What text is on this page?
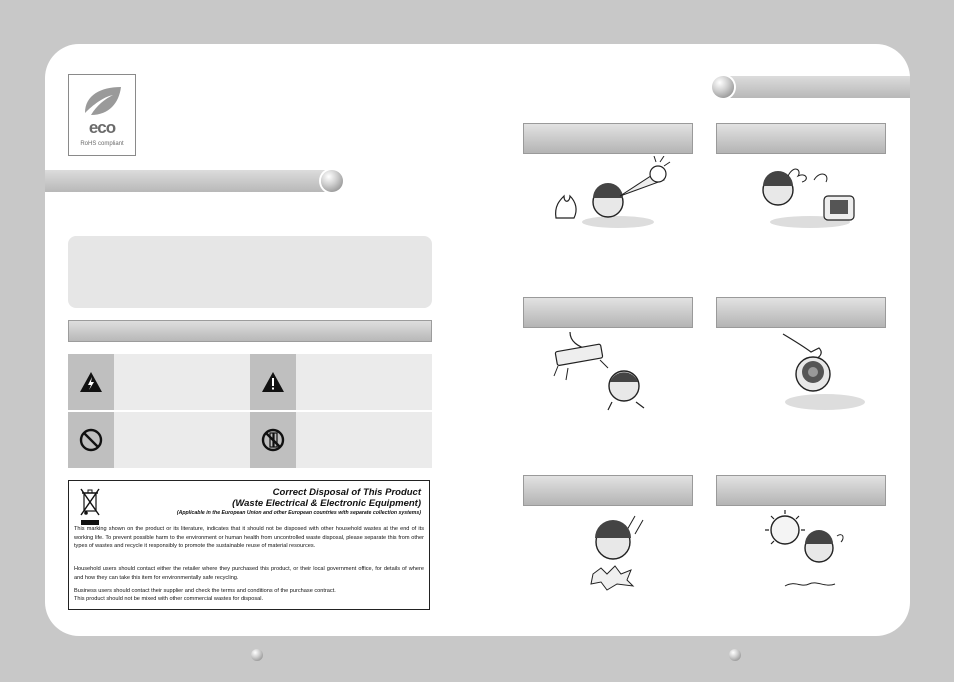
eco
RoHS compliant
Correct Disposal of This Product
(Waste Electrical & Electronic Equipment)
(Applicable in the European Union and other European countries with separate collection systems)
This marking shown on the product or its literature, indicates that it should not be disposed with other household wastes at the end of its working life. To prevent possible harm to the environment or human health from uncontrolled waste disposal, please separate this from other types of wastes and recycle it responsibly to promote the sustainable reuse of material resources.
Household users should contact either the retailer where they purchased this product, or their local government office, for details of where and how they can take this item for environmentally safe recycling.
Business users should contact their supplier and check the terms and conditions of the purchase contract.
This product should not be mixed with other commercial wastes for disposal.
